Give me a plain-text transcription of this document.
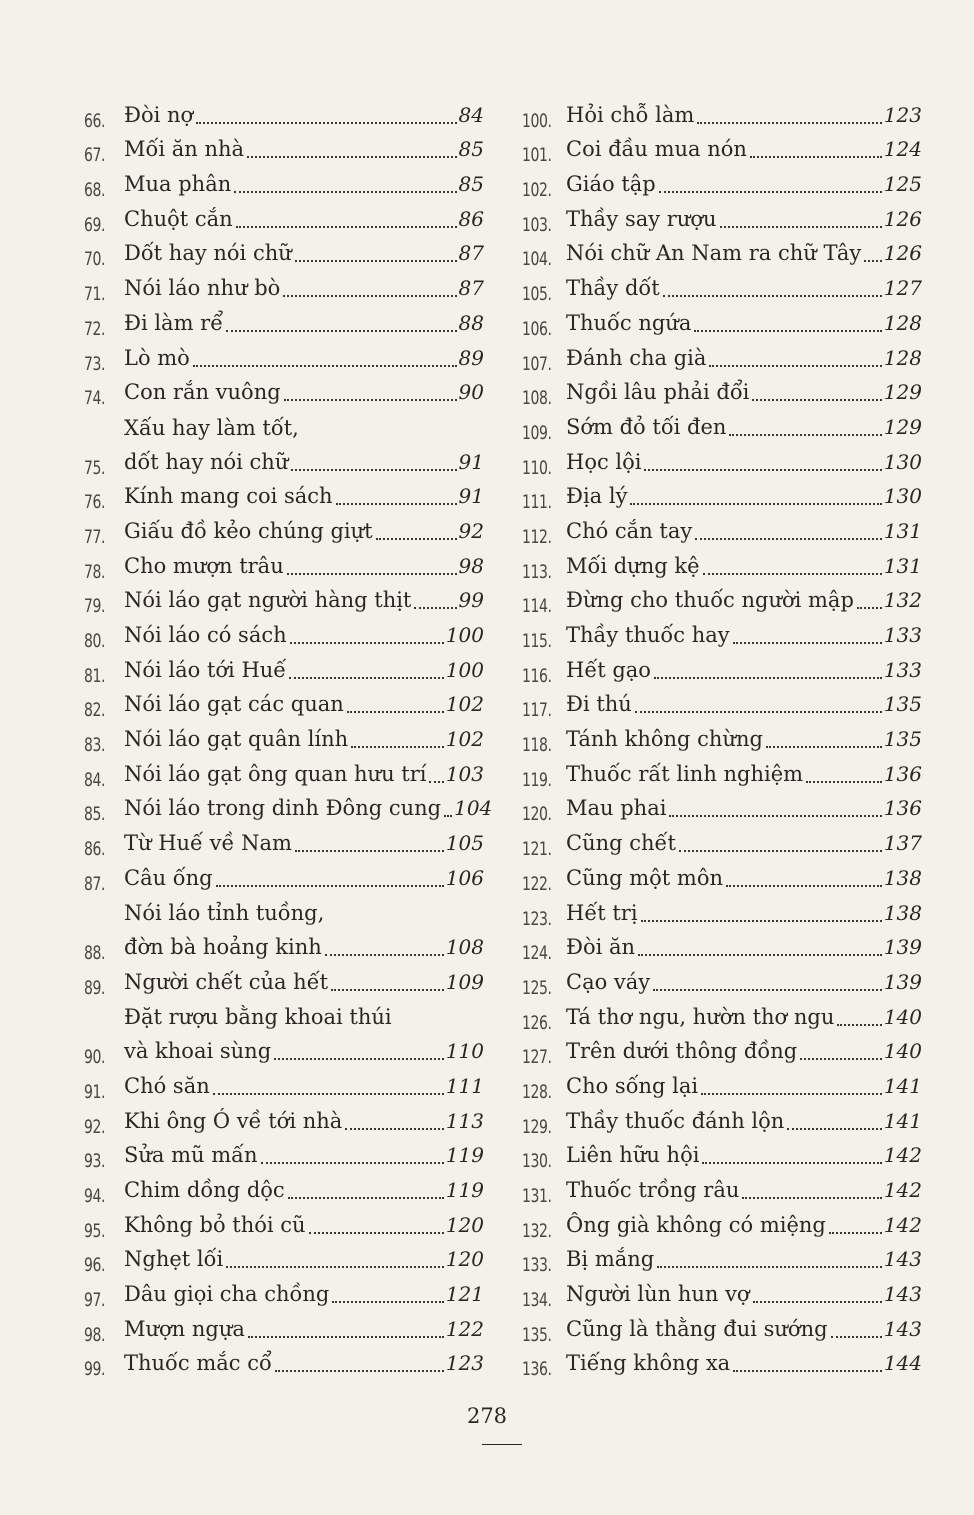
66. Đòi nợ	84
67. Mối ăn nhà	85
68. Mua phân	85
69. Chuột cắn	86
70. Dốt hay nói chữ	87
71. Nói láo như bò	87
72. Đi làm rể	88
73. Lò mò	89
74. Con rắn vuông	90
75.
Xấu hay làm tốt,
dốt hay nói chữ	91
76. Kính mang coi sách	91
77. Giấu đồ kẻo chúng giựt	92
78. Cho mượn trâu	98
79. Nói láo gạt người hàng thịt 99
80. Nói láo có sách	100
81. Nói láo tới Huế	100
82. Nói láo gạt các quan	102
83. Nói láo gạt quân lính	102
84. Nói láo gạt ông quan hưu trí 103
85. Nói láo trong dinh Đông cung 104
86. Từ Huế về Nam	105
87. Câu ống	106
88.
Nói láo tỉnh tuồng,
đờn bà hoảng kinh	108
89. Người chết của hết	109
90.
Đặt rượu bằng khoai thúi
và khoai sùng	110
91. Chó săn	111
92. Khi ông Ó về tới nhà	113
93. Sửa mũ mấn	119
94. Chim dồng dộc	119
95. Không bỏ thói cũ	120
96. Nghẹt lối	120
97. Dâu giọi cha chồng	121
98. Mượn ngựa	122
99. Thuốc mắc cổ	123
100. Hỏi chỗ làm	123
101. Coi đầu mua nón	124
102. Giáo tập	125
103. Thầy say rượu	126
104. Nói chữ An Nam ra chữ Tây 126
105. Thầy dốt	127
106. Thuốc ngứa	128
107. Đánh cha già	128
108. Ngồi lâu phải đổi	129
109. Sớm đỏ tối đen	129
110. Học lội	130
111. Địa lý	130
112. Chó cắn tay	131
113. Mối dựng kệ	131
114. Đừng cho thuốc người mập 132
115. Thầy thuốc hay	133
116. Hết gạo	133
117. Đi thú	135
118. Tánh không chừng	135
119. Thuốc rất linh nghiệm	136
120. Mau phai	136
121. Cũng chết	137
122. Cũng một môn	138
123. Hết trị	138
124. Đòi ăn	139
125. Cạo váy	139
126. Tá thơ ngu, hườn thơ ngu 140
127. Trên dưới thông đồng	140
128. Cho sống lại	141
129. Thầy thuốc đánh lộn	141
130. Liên hữu hội	142
131. Thuốc trồng râu	142
132. Ông già không có miệng	142
133. Bị mắng	143
134. Người lùn hun vợ	143
135. Cũng là thằng đui sướng	143
136. Tiếng không xa	144
278
